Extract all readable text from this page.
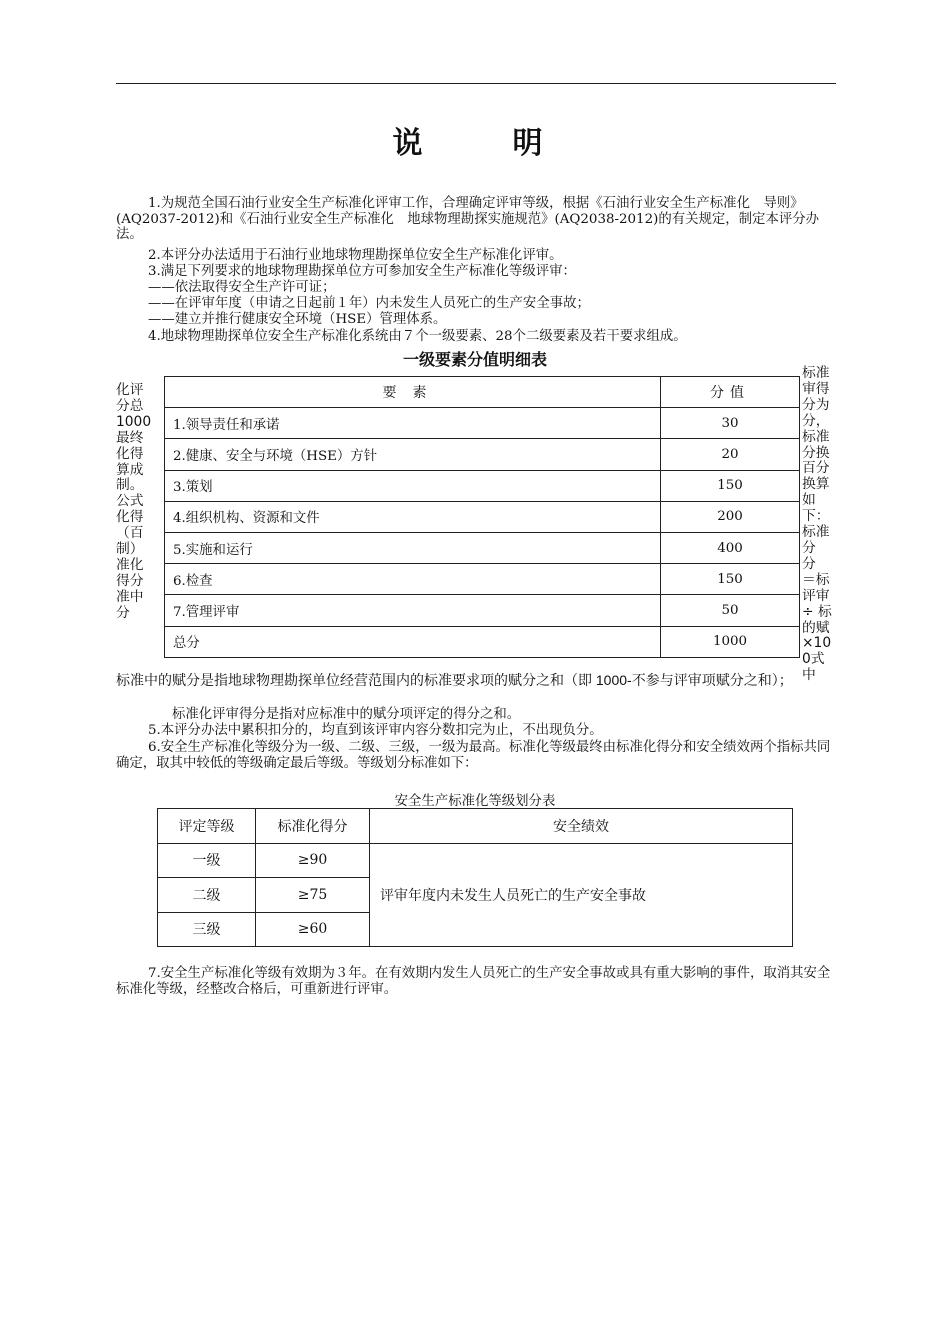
说　明

1.为规范全国石油行业安全生产标准化评审工作，合理确定评审等级，根据《石油行业安全生产标准化　导则》(AQ2037-2012)和《石油行业安全生产标准化　地球物理勘探实施规范》(AQ2038-2012)的有关规定，制定本评分办法。

2.本评分办法适用于石油行业地球物理勘探单位安全生产标准化评审。

3.满足下列要求的地球物理勘探单位方可参加安全生产标准化等级评审：

——依法取得安全生产许可证；

——在评审年度（申请之日起前１年）内未发生人员死亡的生产安全事故；

——建立并推行健康安全环境（HSE）管理体系。

4.地球物理勘探单位安全生产标准化系统由７个一级要素、28个二级要素及若干要求组成。

一级要素分值明细表
化评分总1000最终化得算成制。公式　化得（百制）准化得分准中分
标准审得分为分，标准分换百分换算如下：标准分　分　＝标评审÷ 标的赋×100式中
要素	分值
1.领导责任和承诺	30
2.健康、安全与环境（HSE）方针	20
3.策划	150
4.组织机构、资源和文件	200
5.实施和运行	400
6.检查	150
7.管理评审	50
总分	1000

标准中的赋分是指地球物理勘探单位经营范围内的标准要求项的赋分之和（即 1000-不参与评审项赋分之和）；

标准化评审得分是指对应标准中的赋分项评定的得分之和。

5.本评分办法中累积扣分的，均直到该评审内容分数扣完为止，不出现负分。

6.安全生产标准化等级分为一级、二级、三级，一级为最高。标准化等级最终由标准化得分和安全绩效两个指标共同确定，取其中较低的等级确定最后等级。等级划分标准如下：

安全生产标准化等级划分表
评定等级	标准化得分	安全绩效
一级	≥90	评审年度内未发生人员死亡的生产安全事故
二级	≥75	
三级	≥60	

7.安全生产标准化等级有效期为３年。在有效期内发生人员死亡的生产安全事故或具有重大影响的事件，取消其安全标准化等级，经整改合格后，可重新进行评审。
